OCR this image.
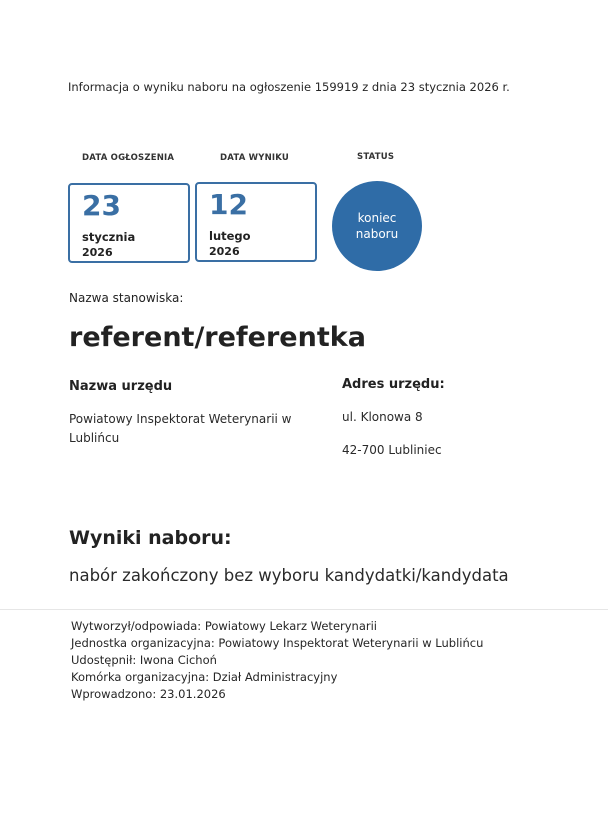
Informacja o wyniku naboru na ogłoszenie 159919 z dnia 23 stycznia 2026 r.
DATA OGŁOSZENIA	DATA WYNIKU	STATUS
23
stycznia
2026
12
lutego
2026
koniec
naboru
Nazwa stanowiska:
referent/referentka
Nazwa urzędu
Powiatowy Inspektorat Weterynarii w Lublińcu
Adres urzędu:
ul. Klonowa 8
42-700 Lubliniec
Wyniki naboru:
nabór zakończony bez wyboru kandydatki/kandydata
Wytworzył/odpowiada: Powiatowy Lekarz Weterynarii
Jednostka organizacyjna: Powiatowy Inspektorat Weterynarii w Lublińcu
Udostępnił: Iwona Cichoń
Komórka organizacyjna: Dział Administracyjny
Wprowadzono: 23.01.2026
